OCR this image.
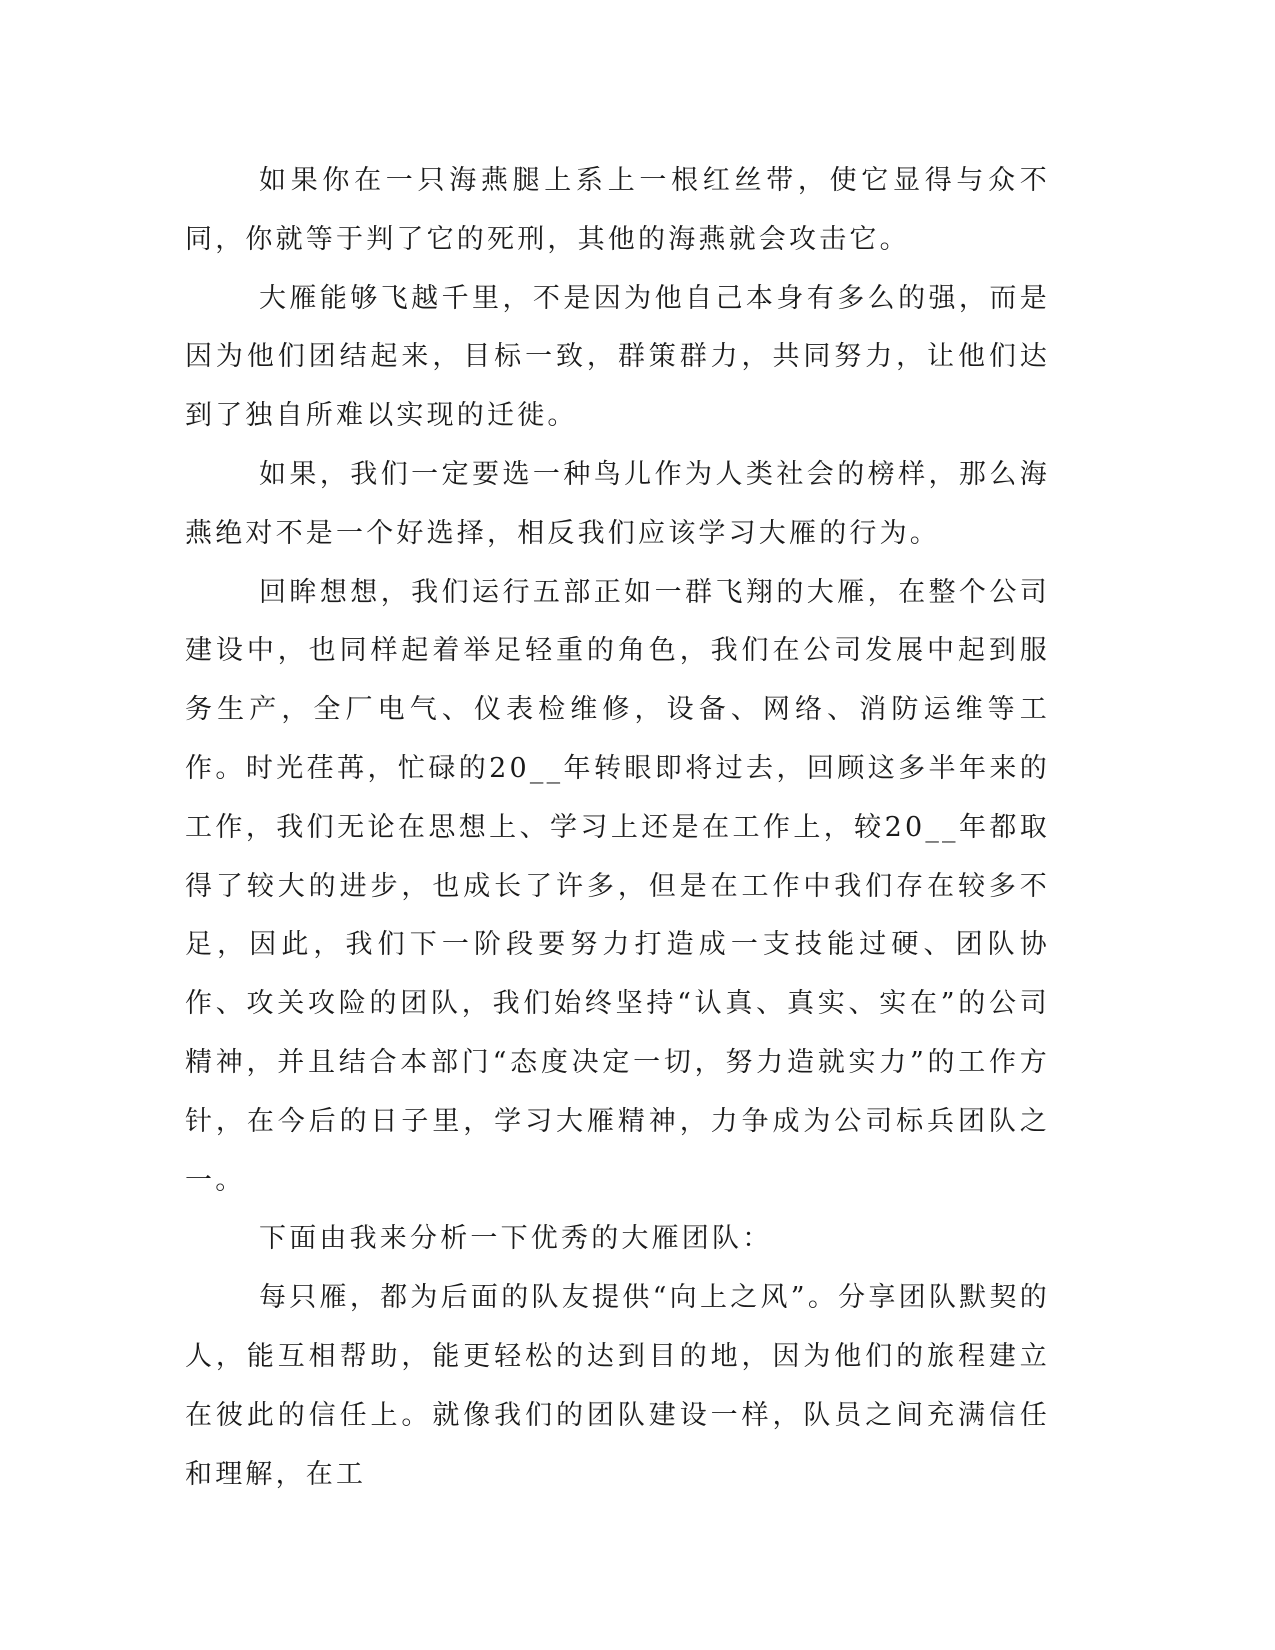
如果你在一只海燕腿上系上一根红丝带，使它显得与众不同，你就等于判了它的死刑，其他的海燕就会攻击它。

大雁能够飞越千里，不是因为他自己本身有多么的强，而是因为他们团结起来，目标一致，群策群力，共同努力，让他们达到了独自所难以实现的迁徙。

如果，我们一定要选一种鸟儿作为人类社会的榜样，那么海燕绝对不是一个好选择，相反我们应该学习大雁的行为。

回眸想想，我们运行五部正如一群飞翔的大雁，在整个公司建设中，也同样起着举足轻重的角色，我们在公司发展中起到服务生产，全厂电气、仪表检维修，设备、网络、消防运维等工作。时光荏苒，忙碌的20__年转眼即将过去，回顾这多半年来的工作，我们无论在思想上、学习上还是在工作上，较20__年都取得了较大的进步，也成长了许多，但是在工作中我们存在较多不足，因此，我们下一阶段要努力打造成一支技能过硬、团队协作、攻关攻险的团队，我们始终坚持“认真、真实、实在”的公司精神，并且结合本部门“态度决定一切，努力造就实力”的工作方针，在今后的日子里，学习大雁精神，力争成为公司标兵团队之一。

下面由我来分析一下优秀的大雁团队：

每只雁，都为后面的队友提供“向上之风”。分享团队默契的人，能互相帮助，能更轻松的达到目的地，因为他们的旅程建立在彼此的信任上。就像我们的团队建设一样，队员之间充满信任和理解，在工
